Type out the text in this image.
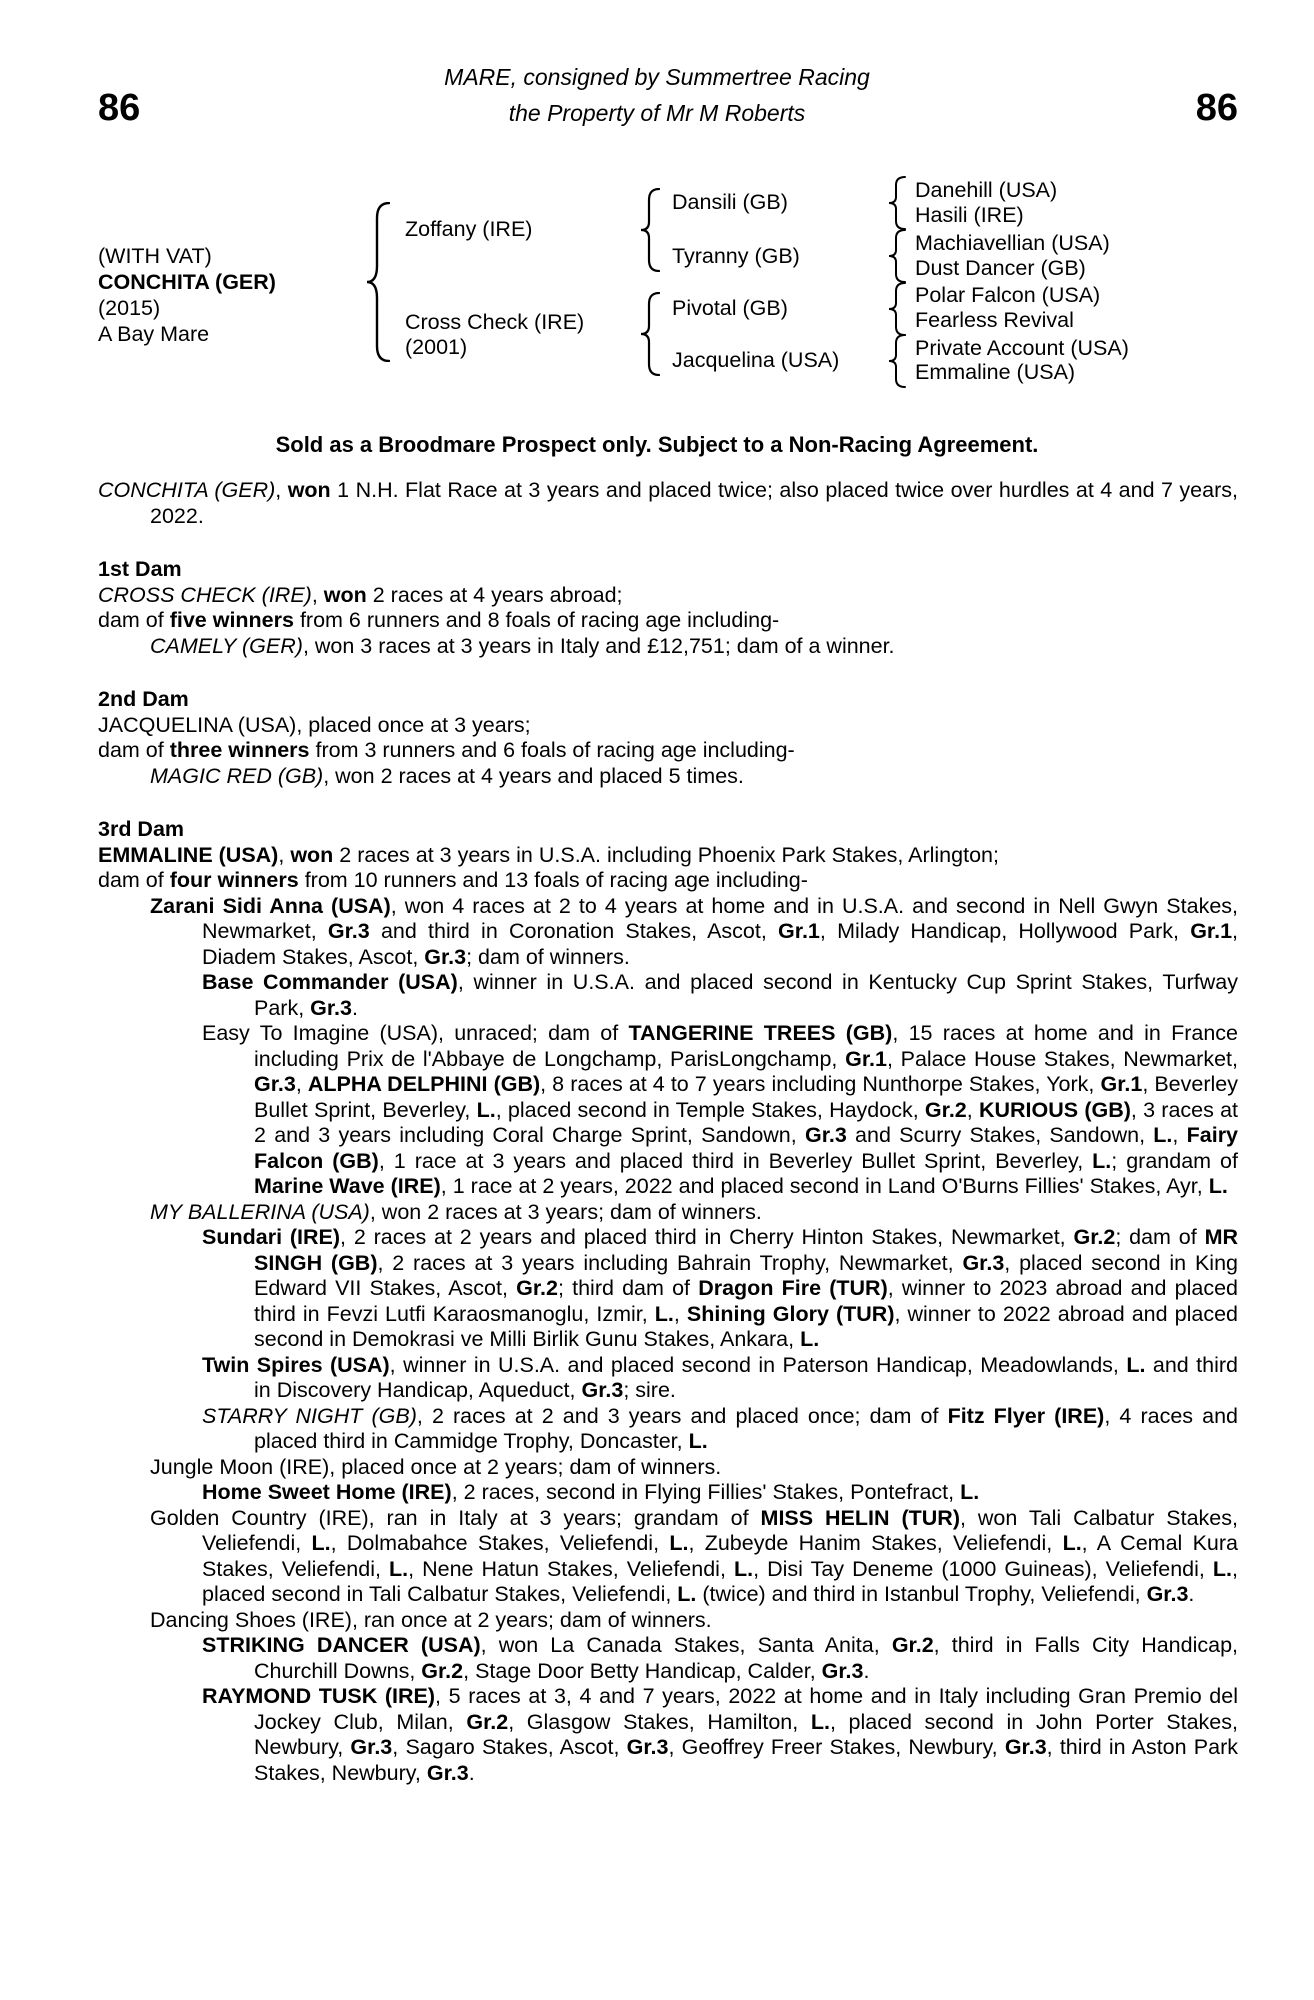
MARE, consigned by Summertree Racing
the Property of Mr M Roberts
86	86
(WITH VAT)
CONCHITA (GER)
(2015)
A Bay Mare
Zoffany (IRE)
Cross Check (IRE)
(2001)
Dansili (GB)
Tyranny (GB)
Pivotal (GB)
Jacquelina (USA)
Danehill (USA)
Hasili (IRE)
Machiavellian (USA)
Dust Dancer (GB)
Polar Falcon (USA)
Fearless Revival
Private Account (USA)
Emmaline (USA)
Sold as a Broodmare Prospect only. Subject to a Non-Racing Agreement.

CONCHITA (GER), won 1 N.H. Flat Race at 3 years and placed twice; also placed twice over hurdles at 4 and 7 years, 2022.

1st Dam

CROSS CHECK (IRE), won 2 races at 4 years abroad;

dam of five winners from 6 runners and 8 foals of racing age including-

CAMELY (GER), won 3 races at 3 years in Italy and £12,751; dam of a winner.

2nd Dam

JACQUELINA (USA), placed once at 3 years;

dam of three winners from 3 runners and 6 foals of racing age including-

MAGIC RED (GB), won 2 races at 4 years and placed 5 times.

3rd Dam

EMMALINE (USA), won 2 races at 3 years in U.S.A. including Phoenix Park Stakes, Arlington;

dam of four winners from 10 runners and 13 foals of racing age including-

Zarani Sidi Anna (USA), won 4 races at 2 to 4 years at home and in U.S.A. and second in Nell Gwyn Stakes, Newmarket, Gr.3 and third in Coronation Stakes, Ascot, Gr.1, Milady Handicap, Hollywood Park, Gr.1, Diadem Stakes, Ascot, Gr.3; dam of winners.

Base Commander (USA), winner in U.S.A. and placed second in Kentucky Cup Sprint Stakes, Turfway Park, Gr.3.

Easy To Imagine (USA), unraced; dam of TANGERINE TREES (GB), 15 races at home and in France including Prix de l'Abbaye de Longchamp, ParisLongchamp, Gr.1, Palace House Stakes, Newmarket, Gr.3, ALPHA DELPHINI (GB), 8 races at 4 to 7 years including Nunthorpe Stakes, York, Gr.1, Beverley Bullet Sprint, Beverley, L., placed second in Temple Stakes, Haydock, Gr.2, KURIOUS (GB), 3 races at 2 and 3 years including Coral Charge Sprint, Sandown, Gr.3 and Scurry Stakes, Sandown, L., Fairy Falcon (GB), 1 race at 3 years and placed third in Beverley Bullet Sprint, Beverley, L.; grandam of Marine Wave (IRE), 1 race at 2 years, 2022 and placed second in Land O'Burns Fillies' Stakes, Ayr, L.

MY BALLERINA (USA), won 2 races at 3 years; dam of winners.

Sundari (IRE), 2 races at 2 years and placed third in Cherry Hinton Stakes, Newmarket, Gr.2; dam of MR SINGH (GB), 2 races at 3 years including Bahrain Trophy, Newmarket, Gr.3, placed second in King Edward VII Stakes, Ascot, Gr.2; third dam of Dragon Fire (TUR), winner to 2023 abroad and placed third in Fevzi Lutfi Karaosmanoglu, Izmir, L., Shining Glory (TUR), winner to 2022 abroad and placed second in Demokrasi ve Milli Birlik Gunu Stakes, Ankara, L.

Twin Spires (USA), winner in U.S.A. and placed second in Paterson Handicap, Meadowlands, L. and third in Discovery Handicap, Aqueduct, Gr.3; sire.

STARRY NIGHT (GB), 2 races at 2 and 3 years and placed once; dam of Fitz Flyer (IRE), 4 races and placed third in Cammidge Trophy, Doncaster, L.

Jungle Moon (IRE), placed once at 2 years; dam of winners.

Home Sweet Home (IRE), 2 races, second in Flying Fillies' Stakes, Pontefract, L.

Golden Country (IRE), ran in Italy at 3 years; grandam of MISS HELIN (TUR), won Tali Calbatur Stakes, Veliefendi, L., Dolmabahce Stakes, Veliefendi, L., Zubeyde Hanim Stakes, Veliefendi, L., A Cemal Kura Stakes, Veliefendi, L., Nene Hatun Stakes, Veliefendi, L., Disi Tay Deneme (1000 Guineas), Veliefendi, L., placed second in Tali Calbatur Stakes, Veliefendi, L. (twice) and third in Istanbul Trophy, Veliefendi, Gr.3.

Dancing Shoes (IRE), ran once at 2 years; dam of winners.

STRIKING DANCER (USA), won La Canada Stakes, Santa Anita, Gr.2, third in Falls City Handicap, Churchill Downs, Gr.2, Stage Door Betty Handicap, Calder, Gr.3.

RAYMOND TUSK (IRE), 5 races at 3, 4 and 7 years, 2022 at home and in Italy including Gran Premio del Jockey Club, Milan, Gr.2, Glasgow Stakes, Hamilton, L., placed second in John Porter Stakes, Newbury, Gr.3, Sagaro Stakes, Ascot, Gr.3, Geoffrey Freer Stakes, Newbury, Gr.3, third in Aston Park Stakes, Newbury, Gr.3.
